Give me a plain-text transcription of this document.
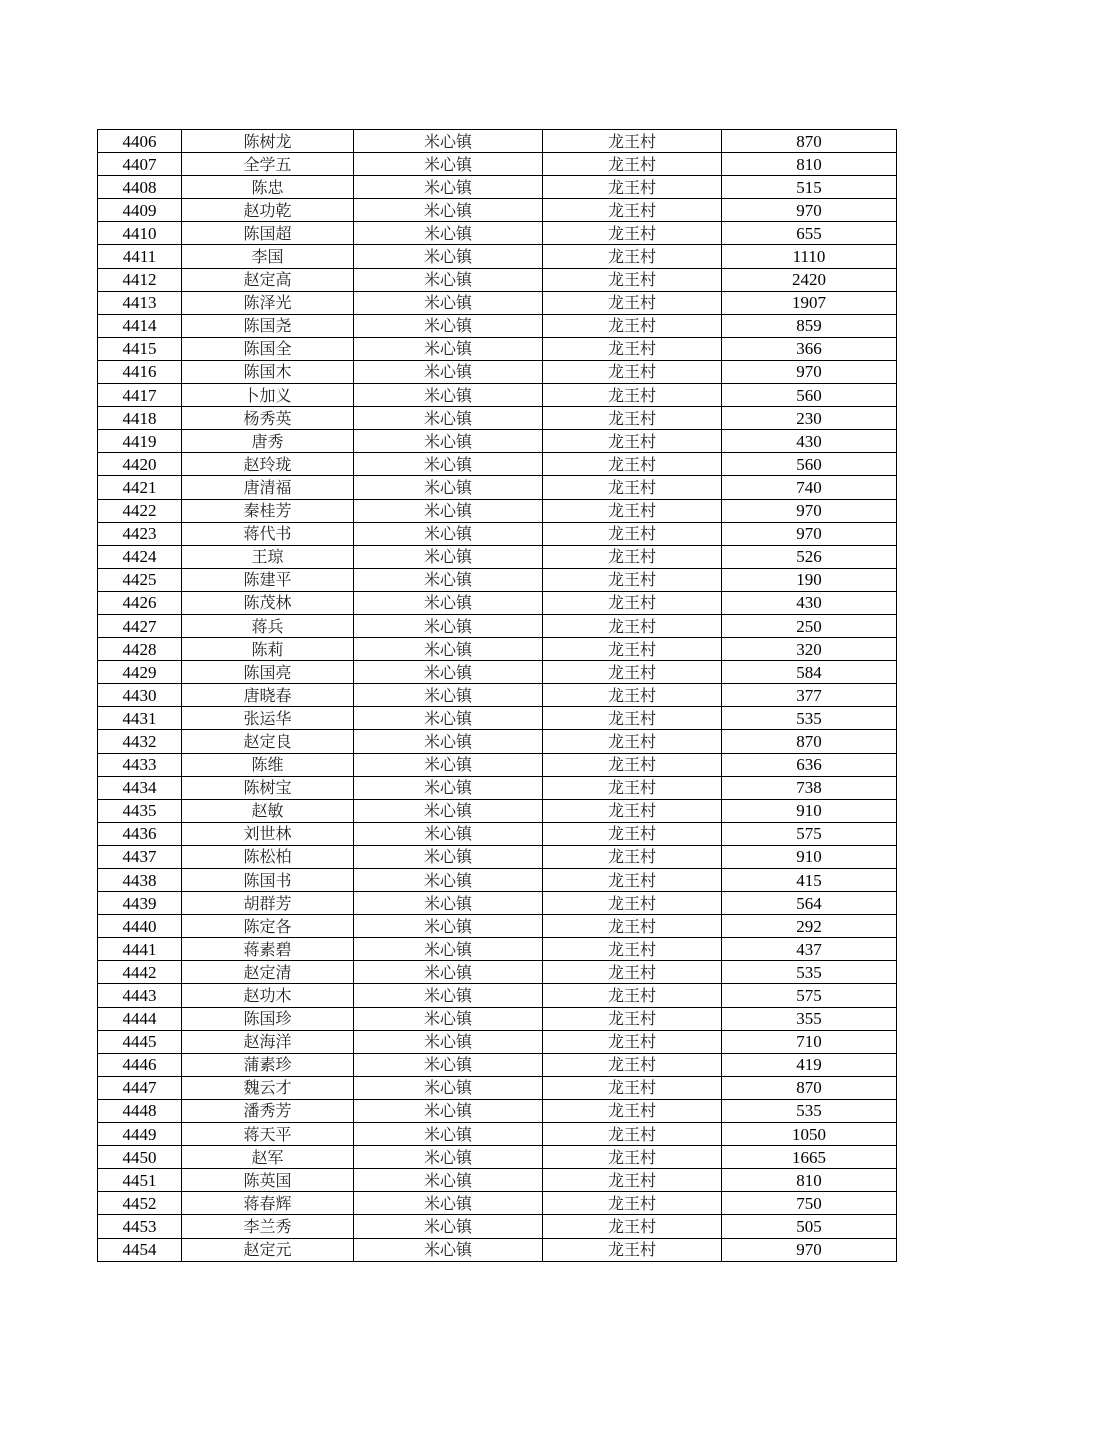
4406	陈树龙	米心镇	龙王村	870
4407	全学五	米心镇	龙王村	810
4408	陈忠	米心镇	龙王村	515
4409	赵功乾	米心镇	龙王村	970
4410	陈国超	米心镇	龙王村	655
4411	李国	米心镇	龙王村	1110
4412	赵定高	米心镇	龙王村	2420
4413	陈泽光	米心镇	龙王村	1907
4414	陈国尧	米心镇	龙王村	859
4415	陈国全	米心镇	龙王村	366
4416	陈国木	米心镇	龙王村	970
4417	卜加义	米心镇	龙王村	560
4418	杨秀英	米心镇	龙王村	230
4419	唐秀	米心镇	龙王村	430
4420	赵玲珑	米心镇	龙王村	560
4421	唐清福	米心镇	龙王村	740
4422	秦桂芳	米心镇	龙王村	970
4423	蒋代书	米心镇	龙王村	970
4424	王琼	米心镇	龙王村	526
4425	陈建平	米心镇	龙王村	190
4426	陈茂林	米心镇	龙王村	430
4427	蒋兵	米心镇	龙王村	250
4428	陈莉	米心镇	龙王村	320
4429	陈国亮	米心镇	龙王村	584
4430	唐晓春	米心镇	龙王村	377
4431	张运华	米心镇	龙王村	535
4432	赵定良	米心镇	龙王村	870
4433	陈维	米心镇	龙王村	636
4434	陈树宝	米心镇	龙王村	738
4435	赵敏	米心镇	龙王村	910
4436	刘世林	米心镇	龙王村	575
4437	陈松柏	米心镇	龙王村	910
4438	陈国书	米心镇	龙王村	415
4439	胡群芳	米心镇	龙王村	564
4440	陈定各	米心镇	龙王村	292
4441	蒋素碧	米心镇	龙王村	437
4442	赵定清	米心镇	龙王村	535
4443	赵功木	米心镇	龙王村	575
4444	陈国珍	米心镇	龙王村	355
4445	赵海洋	米心镇	龙王村	710
4446	蒲素珍	米心镇	龙王村	419
4447	魏云才	米心镇	龙王村	870
4448	潘秀芳	米心镇	龙王村	535
4449	蒋天平	米心镇	龙王村	1050
4450	赵军	米心镇	龙王村	1665
4451	陈英国	米心镇	龙王村	810
4452	蒋春辉	米心镇	龙王村	750
4453	李兰秀	米心镇	龙王村	505
4454	赵定元	米心镇	龙王村	970
